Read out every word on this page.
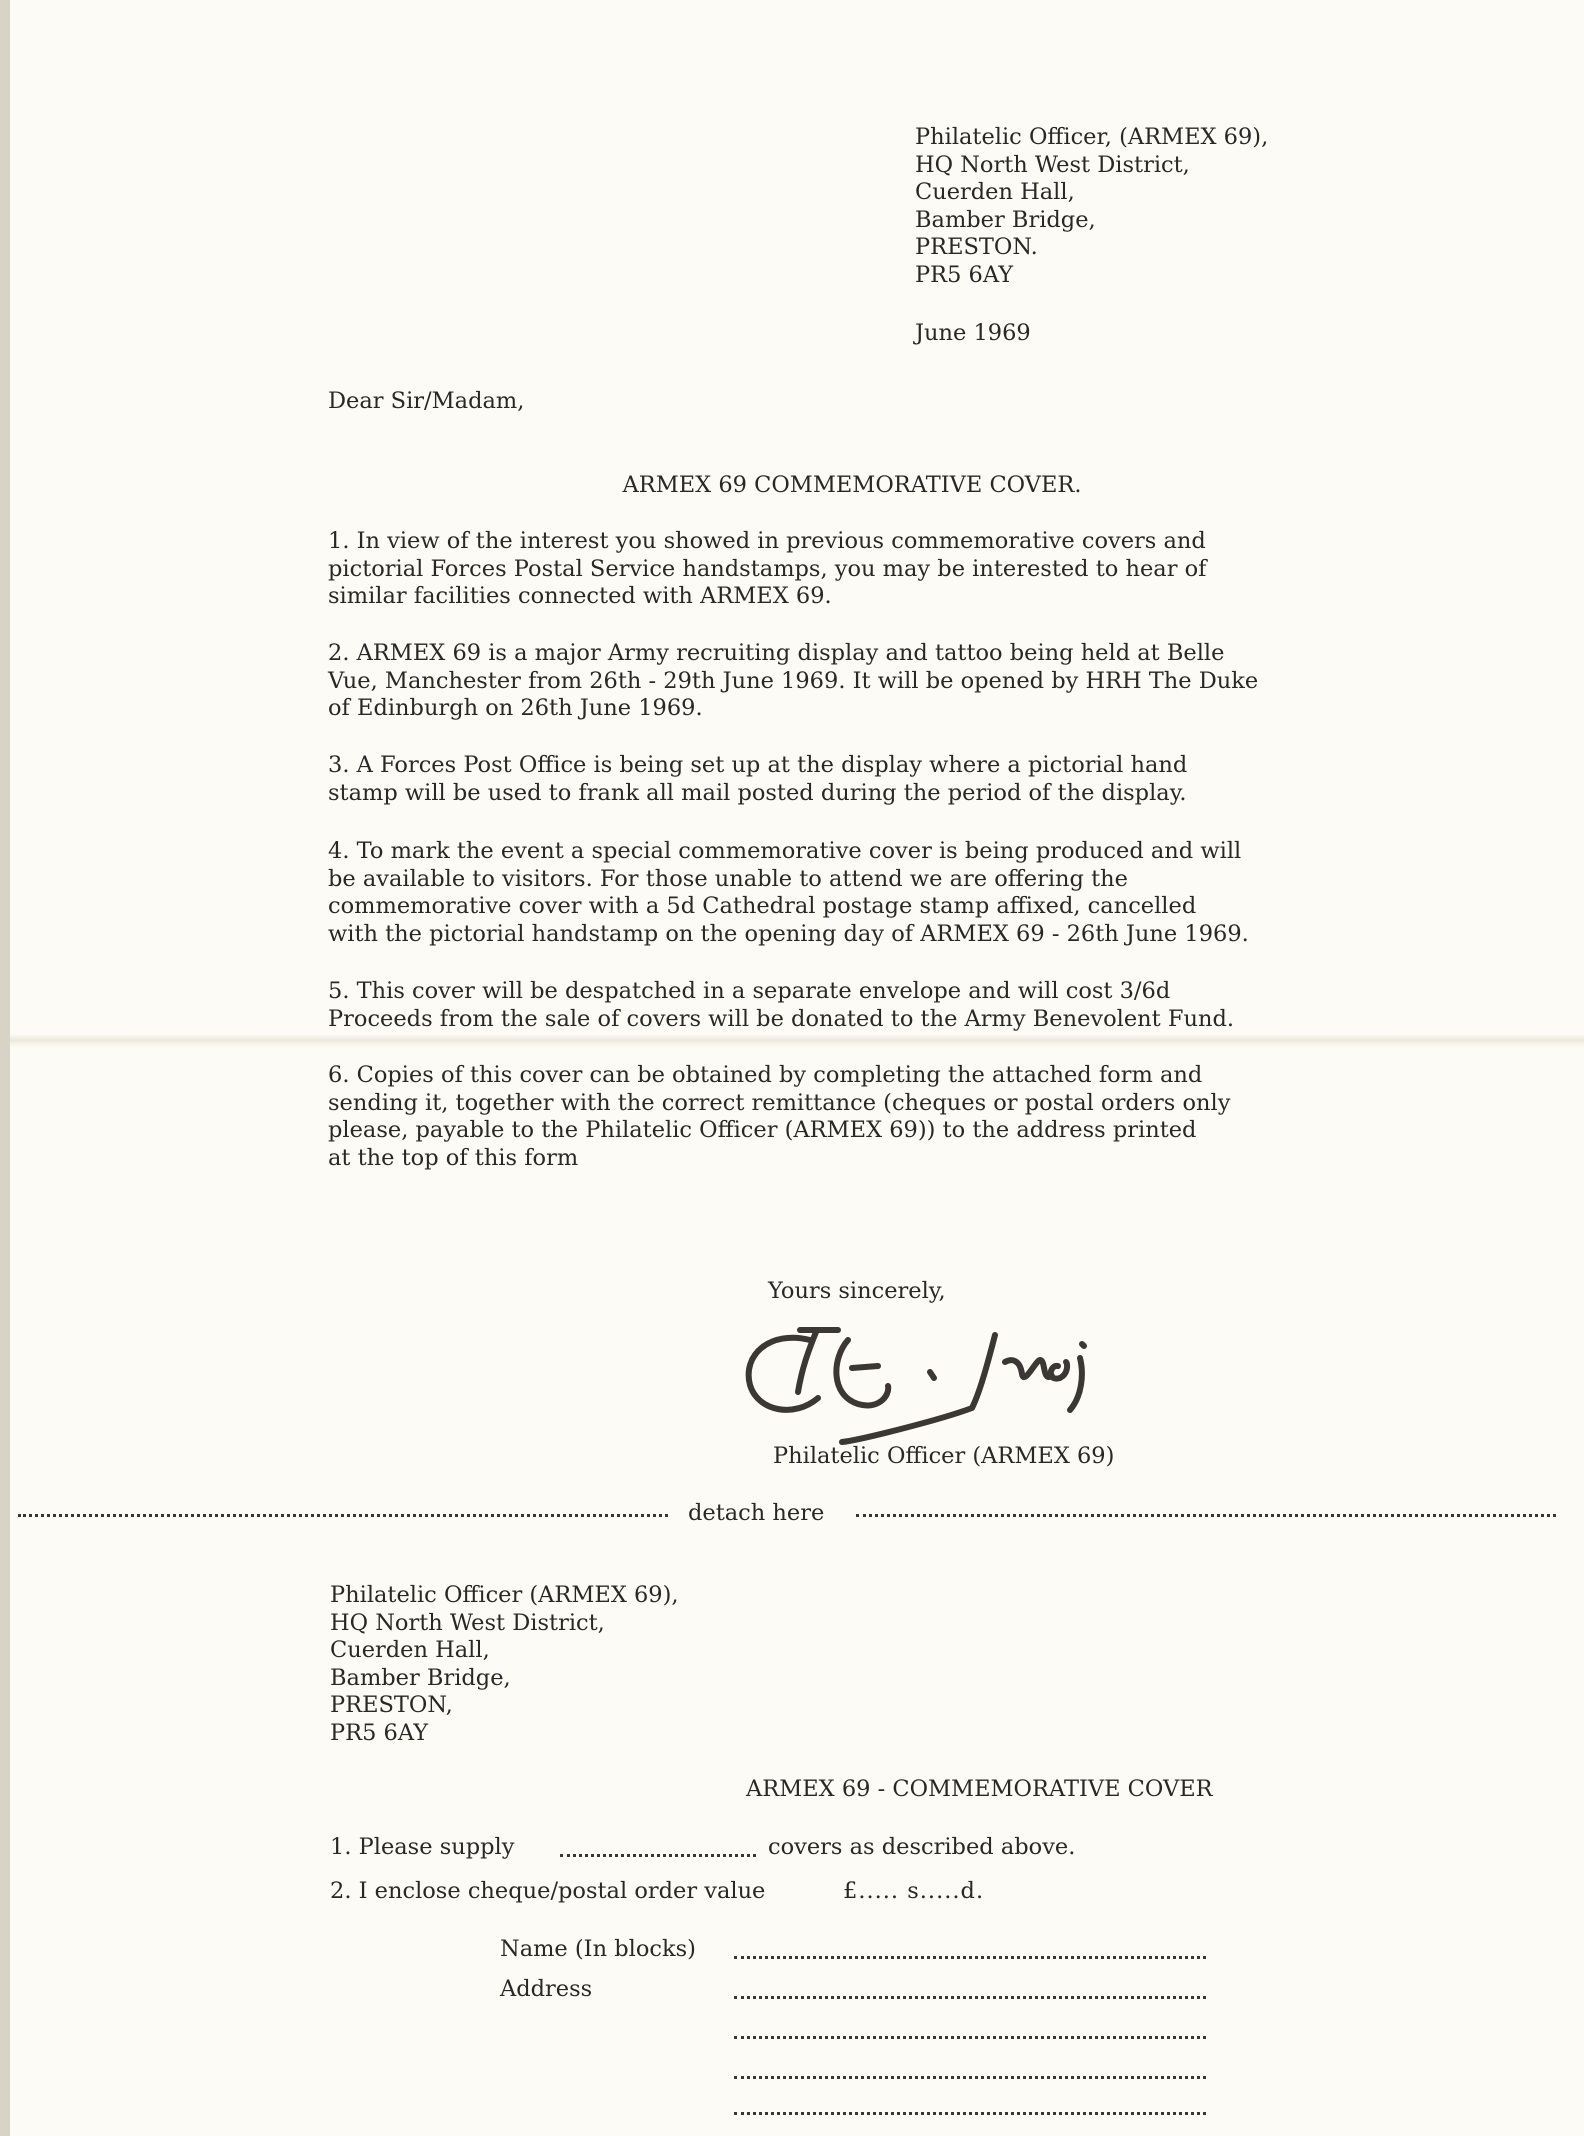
Philatelic Officer, (ARMEX 69),
HQ North West District,
Cuerden Hall,
Bamber Bridge,
PRESTON.
PR5 6AY
June 1969
Dear Sir/Madam,
ARMEX 69 COMMEMORATIVE COVER.
1. In view of the interest you showed in previous commemorative covers and
pictorial Forces Postal Service handstamps, you may be interested to hear of
similar facilities connected with ARMEX 69.
2. ARMEX 69 is a major Army recruiting display and tattoo being held at Belle
Vue, Manchester from 26th - 29th June 1969. It will be opened by HRH The Duke
of Edinburgh on 26th June 1969.
3. A Forces Post Office is being set up at the display where a pictorial hand
stamp will be used to frank all mail posted during the period of the display.
4. To mark the event a special commemorative cover is being produced and will
be available to visitors. For those unable to attend we are offering the
commemorative cover with a 5d Cathedral postage stamp affixed, cancelled
with the pictorial handstamp on the opening day of ARMEX 69 - 26th June 1969.
5. This cover will be despatched in a separate envelope and will cost 3/6d
Proceeds from the sale of covers will be donated to the Army Benevolent Fund.
6. Copies of this cover can be obtained by completing the attached form and
sending it, together with the correct remittance (cheques or postal orders only
please, payable to the Philatelic Officer (ARMEX 69)) to the address printed
at the top of this form
Yours sincerely,
Philatelic Officer (ARMEX 69)
detach here
Philatelic Officer (ARMEX 69),
HQ North West District,
Cuerden Hall,
Bamber Bridge,
PRESTON,
PR5 6AY
ARMEX 69 - COMMEMORATIVE COVER
1. Please supply	covers as described above.
2. I enclose cheque/postal order value	£..... s.....d.
Name (In blocks)
Address
